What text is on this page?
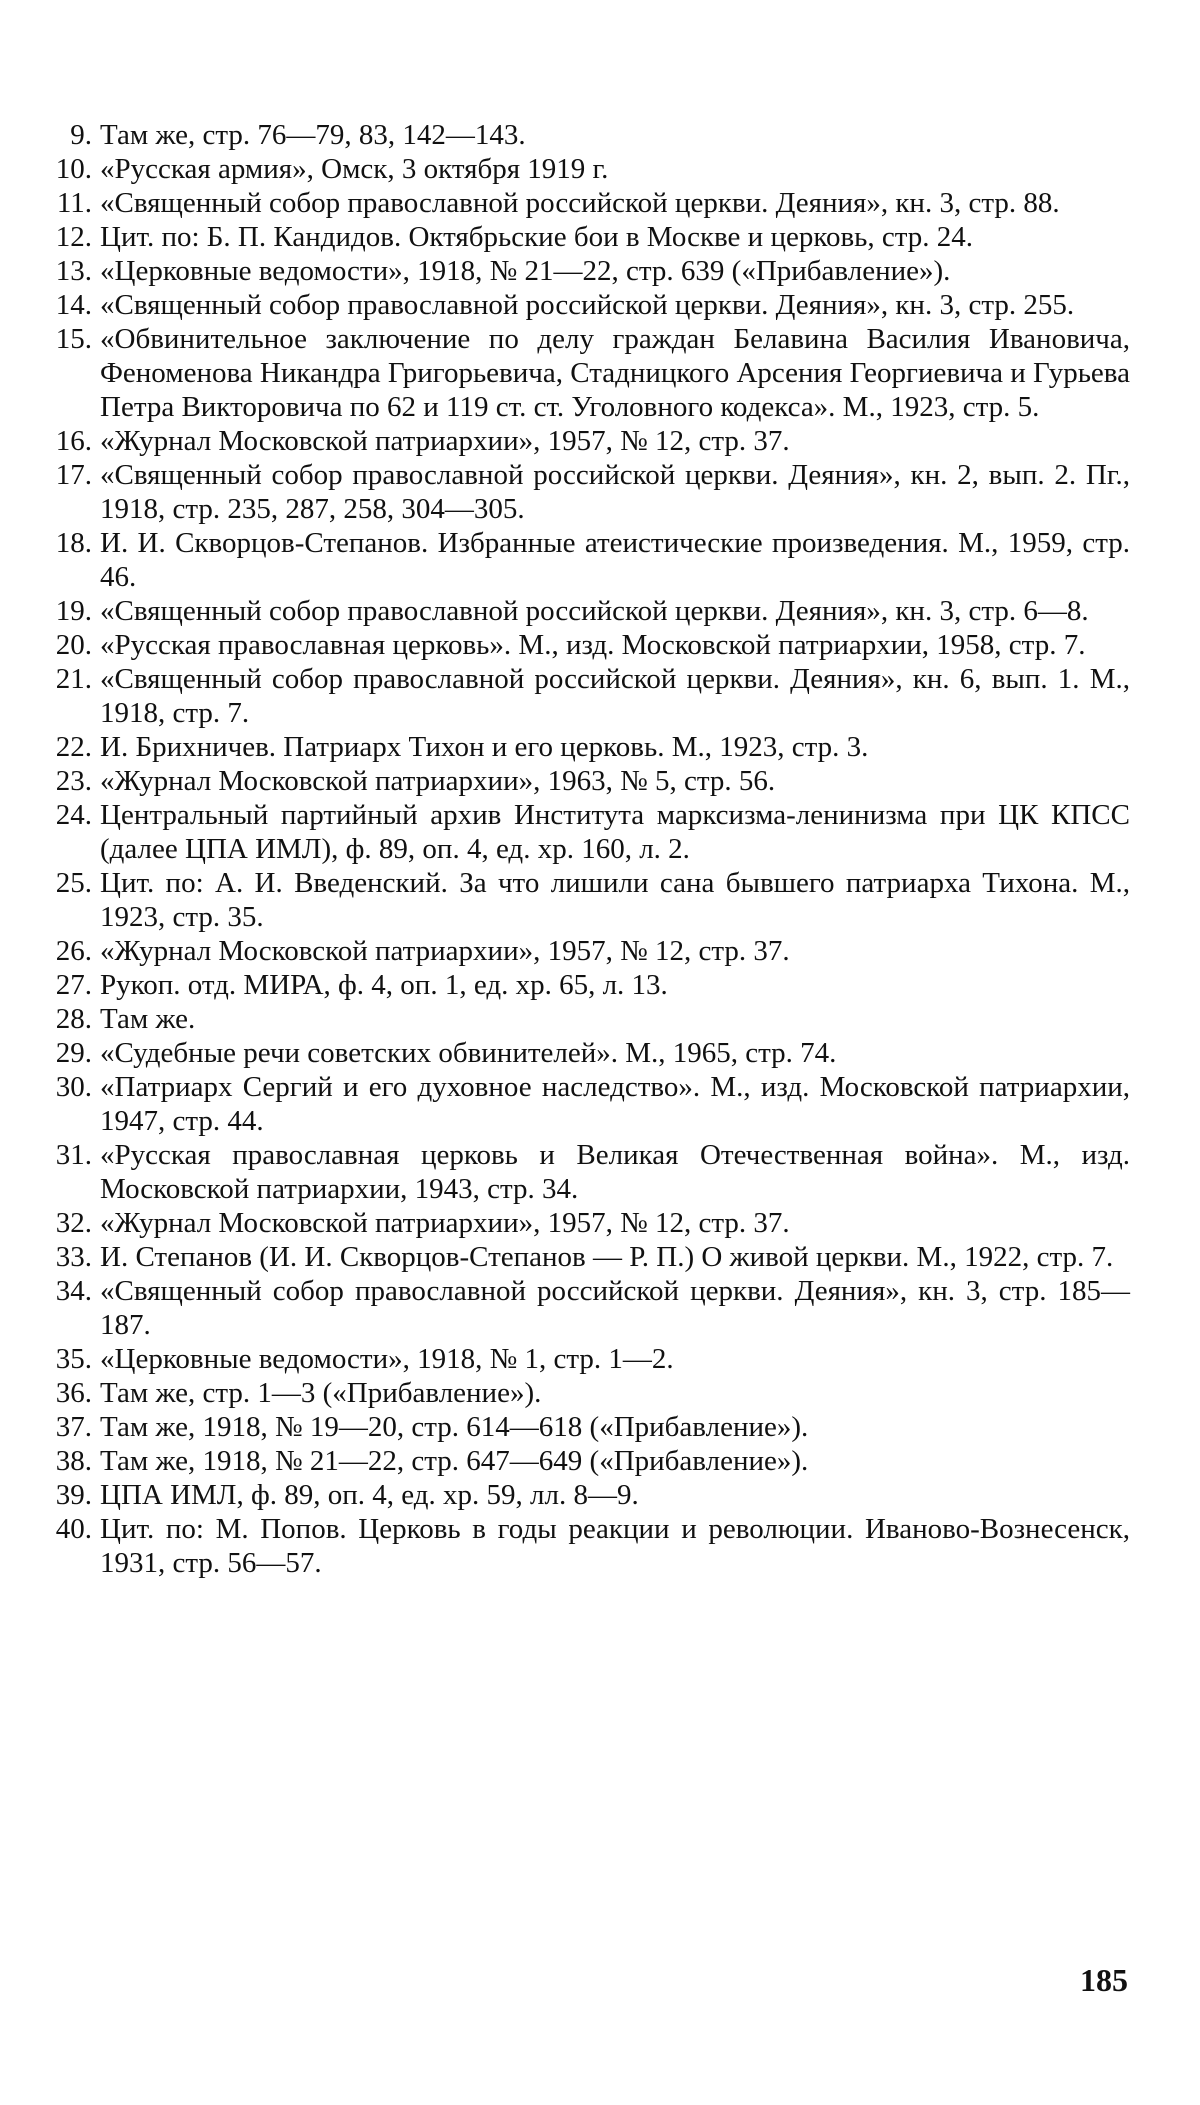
9. Там же, стр. 76—79, 83, 142—143.
10. «Русская армия», Омск, 3 октября 1919 г.
11. «Священный собор православной российской церкви. Деяния», кн. 3, стр. 88.
12. Цит. по: Б. П. Кандидов. Октябрьские бои в Москве и церковь, стр. 24.
13. «Церковные ведомости», 1918, № 21—22, стр. 639 («Прибавление»).
14. «Священный собор православной российской церкви. Деяния», кн. 3, стр. 255.
15. «Обвинительное заключение по делу граждан Белавина Василия Ивановича, Феноменова Никандра Григорьевича, Стадницкого Арсения Георгиевича и Гурьева Петра Викторовича по 62 и 119 ст. ст. Уголовного кодекса». М., 1923, стр. 5.
16. «Журнал Московской патриархии», 1957, № 12, стр. 37.
17. «Священный собор православной российской церкви. Деяния», кн. 2, вып. 2. Пг., 1918, стр. 235, 287, 258, 304—305.
18. И. И. Скворцов-Степанов. Избранные атеистические произведения. М., 1959, стр. 46.
19. «Священный собор православной российской церкви. Деяния», кн. 3, стр. 6—8.
20. «Русская православная церковь». М., изд. Московской патриархии, 1958, стр. 7.
21. «Священный собор православной российской церкви. Деяния», кн. 6, вып. 1. М., 1918, стр. 7.
22. И. Брихничев. Патриарх Тихон и его церковь. М., 1923, стр. 3.
23. «Журнал Московской патриархии», 1963, № 5, стр. 56.
24. Центральный партийный архив Института марксизма-ленинизма при ЦК КПСС (далее ЦПА ИМЛ), ф. 89, оп. 4, ед. хр. 160, л. 2.
25. Цит. по: А. И. Введенский. За что лишили сана бывшего патриарха Тихона. М., 1923, стр. 35.
26. «Журнал Московской патриархии», 1957, № 12, стр. 37.
27. Рукоп. отд. МИРА, ф. 4, оп. 1, ед. хр. 65, л. 13.
28. Там же.
29. «Судебные речи советских обвинителей». М., 1965, стр. 74.
30. «Патриарх Сергий и его духовное наследство». М., изд. Московской патриархии, 1947, стр. 44.
31. «Русская православная церковь и Великая Отечественная война». М., изд. Московской патриархии, 1943, стр. 34.
32. «Журнал Московской патриархии», 1957, № 12, стр. 37.
33. И. Степанов (И. И. Скворцов-Степанов — Р. П.) О живой церкви. М., 1922, стр. 7.
34. «Священный собор православной российской церкви. Деяния», кн. 3, стр. 185—187.
35. «Церковные ведомости», 1918, № 1, стр. 1—2.
36. Там же, стр. 1—3 («Прибавление»).
37. Там же, 1918, № 19—20, стр. 614—618 («Прибавление»).
38. Там же, 1918, № 21—22, стр. 647—649 («Прибавление»).
39. ЦПА ИМЛ, ф. 89, оп. 4, ед. хр. 59, лл. 8—9.
40. Цит. по: М. Попов. Церковь в годы реакции и революции. Иваново-Вознесенск, 1931, стр. 56—57.
185
